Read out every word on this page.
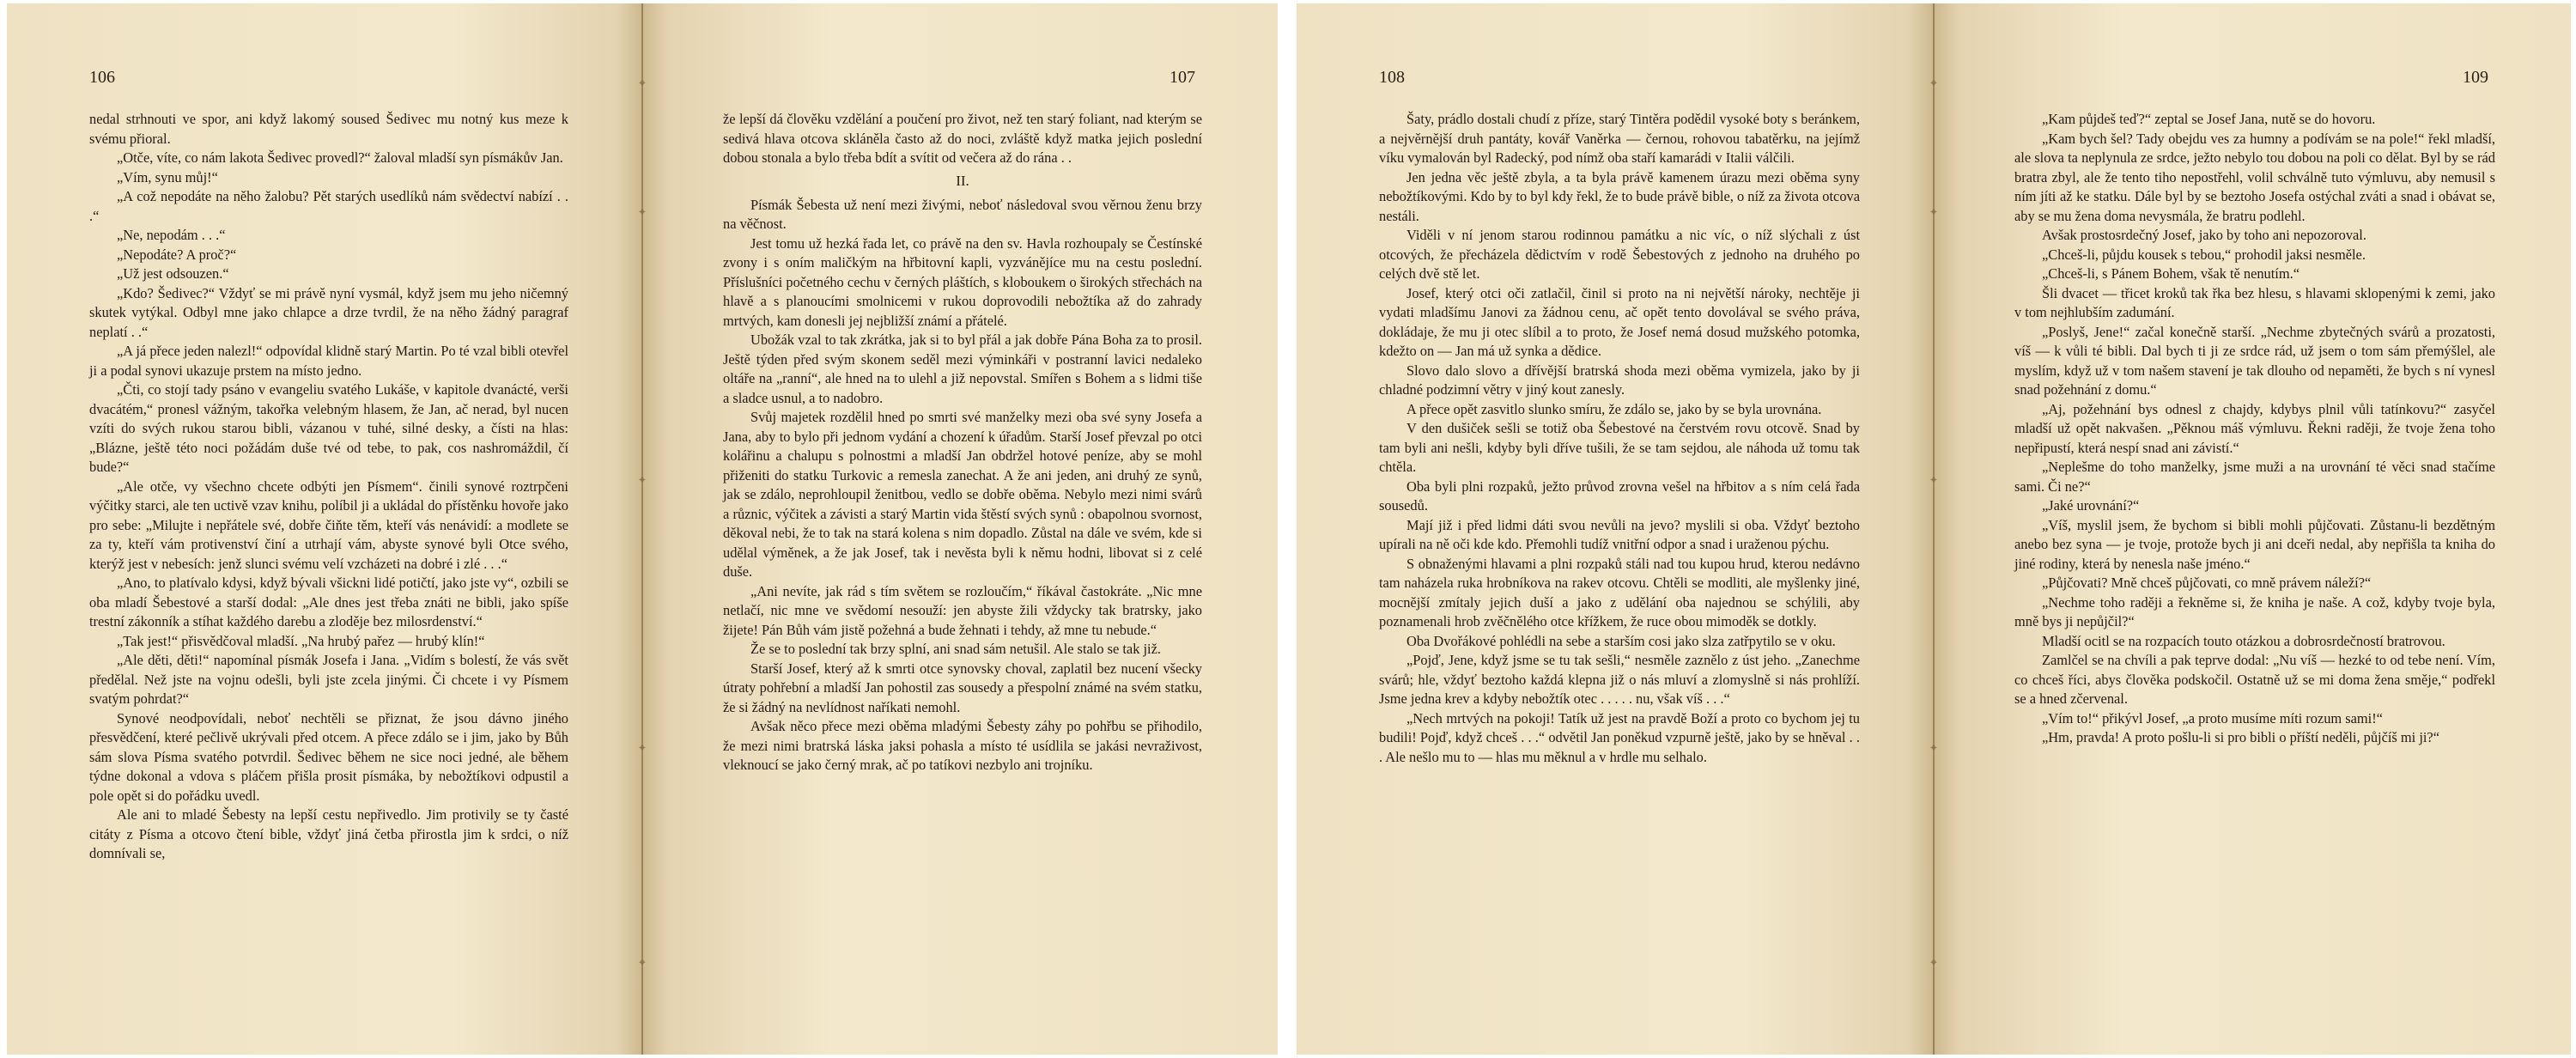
106

nedal strhnouti ve spor, ani když lakomý soused Šedivec mu notný kus meze k svému přioral.

„Otče, víte, co nám lakota Šedivec provedl?“ žaloval mladší syn písmákův Jan.

„Vím, synu můj!“

„A což nepodáte na něho žalobu? Pět starých usedlíků nám svědectví nabízí . . .“

„Ne, nepodám . . .“

„Nepodáte? A proč?“

„Už jest odsouzen.“

„Kdo? Šedivec?“ Vždyť se mi právě nyní vysmál, když jsem mu jeho ničemný skutek vytýkal. Odbyl mne jako chlapce a drze tvrdil, že na něho žádný paragraf neplatí . .“

„A já přece jeden nalezl!“ odpovídal klidně starý Martin. Po té vzal bibli otevřel ji a podal synovi ukazuje prstem na místo jedno.

„Čti, co stojí tady psáno v evangeliu svatého Lukáše, v kapitole dvanácté, verši dvacátém,“ pronesl vážným, takořka velebným hlasem, že Jan, ač nerad, byl nucen vzíti do svých rukou starou bibli, vázanou v tuhé, silné desky, a čísti na hlas: „Blázne, ještě této noci požádám duše tvé od tebe, to pak, cos nashromáždil, čí bude?“

„Ale otče, vy všechno chcete odbýti jen Písmem“. činili synové roztrpčeni výčitky starci, ale ten uctivě vzav knihu, políbil ji a ukládal do přístěnku hovoře jako pro sebe: „Milujte i nepřátele své, dobře čiňte těm, kteří vás nenávidí: a modlete se za ty, kteří vám protivenství činí a utrhají vám, abyste synové byli Otce svého, kterýž jest v nebesích: jenž slunci svému velí vzcházeti na dobré i zlé . . .“

„Ano, to platívalo kdysi, když bývali všickni lidé potičtí, jako jste vy“, ozbili se oba mladí Šebestové a starší dodal: „Ale dnes jest třeba znáti ne bibli, jako spíše trestní zákonník a stíhat každého darebu a zloděje bez milosrdenství.“

„Tak jest!“ přisvědčoval mladší. „Na hrubý pařez — hrubý klín!“

„Ale děti, děti!“ napomínal písmák Josefa i Jana. „Vidím s bolestí, že vás svět předělal. Než jste na vojnu odešli, byli jste zcela jinými. Či chcete i vy Písmem svatým pohrdat?“

Synové neodpovídali, neboť nechtěli se přiznat, že jsou dávno jiného přesvědčení, které pečlivě ukrývali před otcem. A přece zdálo se i jim, jako by Bůh sám slova Písma svatého potvrdil. Šedivec během ne sice noci jedné, ale během týdne dokonal a vdova s pláčem přišla prosit písmáka, by nebožtíkovi odpustil a pole opět si do pořádku uvedl.

Ale ani to mladé Šebesty na lepší cestu nepřivedlo. Jim protivily se ty časté citáty z Písma a otcovo čtení bible, vždyť jiná četba přirostla jim k srdci, o níž domnívali se,

107

že lepší dá člověku vzdělání a poučení pro život, než ten starý foliant, nad kterým se sedivá hlava otcova skláněla často až do noci, zvláště když matka jejich poslední dobou stonala a bylo třeba bdít a svítit od večera až do rána . .

II.

Písmák Šebesta už není mezi živými, neboť následoval svou věrnou ženu brzy na věčnost.

Jest tomu už hezká řada let, co právě na den sv. Havla rozhoupaly se Čestínské zvony i s oním maličkým na hřbitovní kapli, vyzvánějíce mu na cestu poslední. Příslušníci početného cechu v černých pláštích, s kloboukem o širokých střechách na hlavě a s planoucími smolnicemi v rukou doprovodili nebožtíka až do zahrady mrtvých, kam donesli jej nejbližší známí a přátelé.

Ubožák vzal to tak zkrátka, jak si to byl přál a jak dobře Pána Boha za to prosil. Ještě týden před svým skonem seděl mezi výminkáři v postranní lavici nedaleko oltáře na „ranní“, ale hned na to ulehl a již nepovstal. Smířen s Bohem a s lidmi tiše a sladce usnul, a to nadobro.

Svůj majetek rozdělil hned po smrti své manželky mezi oba své syny Josefa a Jana, aby to bylo při jednom vydání a chození k úřadům. Starší Josef převzal po otci kolářinu a chalupu s polnostmi a mladší Jan obdržel hotové peníze, aby se mohl přiženiti do statku Turkovic a remesla zanechat. A že ani jeden, ani druhý ze synů, jak se zdálo, neprohloupil ženitbou, vedlo se dobře oběma. Nebylo mezi nimi svárů a různic, výčitek a závisti a starý Martin vida štěstí svých synů : obapolnou svornost, děkoval nebi, že to tak na stará kolena s nim dopadlo. Zůstal na dále ve svém, kde si udělal výměnek, a že jak Josef, tak i nevěsta byli k němu hodni, libovat si z celé duše.

„Ani nevíte, jak rád s tím světem se rozloučím,“ říkával častokráte. „Nic mne netlačí, nic mne ve svědomí nesouží: jen abyste žili vždycky tak bratrsky, jako žijete! Pán Bůh vám jistě požehná a bude žehnati i tehdy, až mne tu nebude.“

Že se to poslední tak brzy splní, ani snad sám netušil. Ale stalo se tak již.

Starší Josef, který až k smrti otce synovsky choval, zaplatil bez nucení všecky útraty pohřební a mladší Jan pohostil zas sousedy a přespolní známé na svém statku, že si žádný na nevlídnost naříkati nemohl.

Avšak něco přece mezi oběma mladými Šebesty záhy po pohřbu se přihodilo, že mezi nimi bratrská láska jaksi pohasla a místo té usídlila se jakási nevraživost, vleknoucí se jako černý mrak, ač po tatíkovi nezbylo ani trojníku.

⌖
⌖
⌖
⌖
⌖
108

Šaty, prádlo dostali chudí z příze, starý Tintěra podědil vysoké boty s beránkem, a nejvěrnější druh pantáty, kovář Vaněrka — černou, rohovou tabatěrku, na jejímž víku vymalován byl Radecký, pod nímž oba staří kamarádi v Italii válčili.

Jen jedna věc ještě zbyla, a ta byla právě kamenem úrazu mezi oběma syny nebožtíkovými. Kdo by to byl kdy řekl, že to bude právě bible, o níž za života otcova nestáli.

Viděli v ní jenom starou rodinnou památku a nic víc, o níž slýchali z úst otcových, že přecházela dědictvím v rodě Šebestových z jednoho na druhého po celých dvě stě let.

Josef, který otci oči zatlačil, činil si proto na ni největší nároky, nechtěje ji vydati mladšímu Janovi za žádnou cenu, ač opět tento dovolával se svého práva, dokládaje, že mu ji otec slíbil a to proto, že Josef nemá dosud mužského potomka, kdežto on — Jan má už synka a dědice.

Slovo dalo slovo a dřívější bratrská shoda mezi oběma vymizela, jako by ji chladné podzimní větry v jiný kout zanesly.

A přece opět zasvitlo slunko smíru, že zdálo se, jako by se byla urovnána.

V den dušiček sešli se totiž oba Šebestové na čerstvém rovu otcově. Snad by tam byli ani nešli, kdyby byli dříve tušili, že se tam sejdou, ale náhoda už tomu tak chtěla.

Oba byli plni rozpaků, ježto průvod zrovna vešel na hřbitov a s ním celá řada sousedů.

Mají již i před lidmi dáti svou nevůli na jevo? myslili si oba. Vždyť beztoho upírali na ně oči kde kdo. Přemohli tudíž vnitřní odpor a snad i uraženou pýchu.

S obnaženými hlavami a plni rozpaků stáli nad tou kupou hrud, kterou nedávno tam naházela ruka hrobníkova na rakev otcovu. Chtěli se modliti, ale myšlenky jiné, mocnější zmítaly jejich duší a jako z udělání oba najednou se schýlili, aby poznamenali hrob zvěčnělého otce křížkem, že ruce obou mimoděk se dotkly.

Oba Dvořákové pohlédli na sebe a starším cosi jako slza zatřpytilo se v oku.

„Pojď, Jene, když jsme se tu tak sešli,“ nesměle zaznělo z úst jeho. „Zanechme svárů; hle, vždyť beztoho každá klepna již o nás mluví a zlomyslně si nás prohlíží. Jsme jedna krev a kdyby nebožtík otec . . . . . nu, však víš . . .“

„Nech mrtvých na pokoji! Tatík už jest na pravdě Boží a proto co bychom jej tu budili! Pojď, když chceš . . .“ odvětil Jan poněkud vzpurně ještě, jako by se hněval . . . Ale nešlo mu to — hlas mu měknul a v hrdle mu selhalo.

109

„Kam půjdeš teď?“ zeptal se Josef Jana, nutě se do hovoru.

„Kam bych šel? Tady obejdu ves za humny a podívám se na pole!“ řekl mladší, ale slova ta neplynula ze srdce, ježto nebylo tou dobou na poli co dělat. Byl by se rád bratra zbyl, ale že tento tiho nepostřehl, volil schválně tuto výmluvu, aby nemusil s ním jíti až ke statku. Dále byl by se beztoho Josefa ostýchal zváti a snad i obávat se, aby se mu žena doma nevysmála, že bratru podlehl.

Avšak prostosrdečný Josef, jako by toho ani nepozoroval.

„Chceš-li, půjdu kousek s tebou,“ prohodil jaksi nesměle.

„Chceš-li, s Pánem Bohem, však tě nenutím.“

Šli dvacet — třicet kroků tak řka bez hlesu, s hlavami sklopenými k zemi, jako v tom nejhlubším zadumání.

„Poslyš, Jene!“ začal konečně starší. „Nechme zbytečných svárů a prozatosti, víš — k vůli té bibli. Dal bych ti ji ze srdce rád, už jsem o tom sám přemýšlel, ale myslím, když už v tom našem stavení je tak dlouho od nepaměti, že bych s ní vynesl snad požehnání z domu.“

„Aj, požehnání bys odnesl z chajdy, kdybys plnil vůli tatínkovu?“ zasyčel mladší už opět nakvašen. „Pěknou máš výmluvu. Řekni raději, že tvoje žena toho nepřipustí, která nespí snad ani závistí.“

„Neplešme do toho manželky, jsme muži a na urovnání té věci snad stačíme sami. Či ne?“

„Jaké urovnání?“

„Víš, myslil jsem, že bychom si bibli mohli půjčovati. Zůstanu-li bezdětným anebo bez syna — je tvoje, protože bych ji ani dceři nedal, aby nepřišla ta kniha do jiné rodiny, která by nenesla naše jméno.“

„Půjčovati? Mně chceš půjčovati, co mně právem náleží?“

„Nechme toho raději a řekněme si, že kniha je naše. A což, kdyby tvoje byla, mně bys ji nepůjčil?“

Mladší ocitl se na rozpacích touto otázkou a dobrosrdečností bratrovou.

Zamlčel se na chvíli a pak teprve dodal: „Nu víš — hezké to od tebe není. Vím, co chceš říci, abys člověka podskočil. Ostatně už se mi doma žena směje,“ podřekl se a hned zčervenal.

„Vím to!“ přikývl Josef, „a proto musíme míti rozum sami!“

„Hm, pravda! A proto pošlu-li si pro bibli o příští neděli, půjčíš mi ji?“

⌖
⌖
⌖
⌖
⌖
